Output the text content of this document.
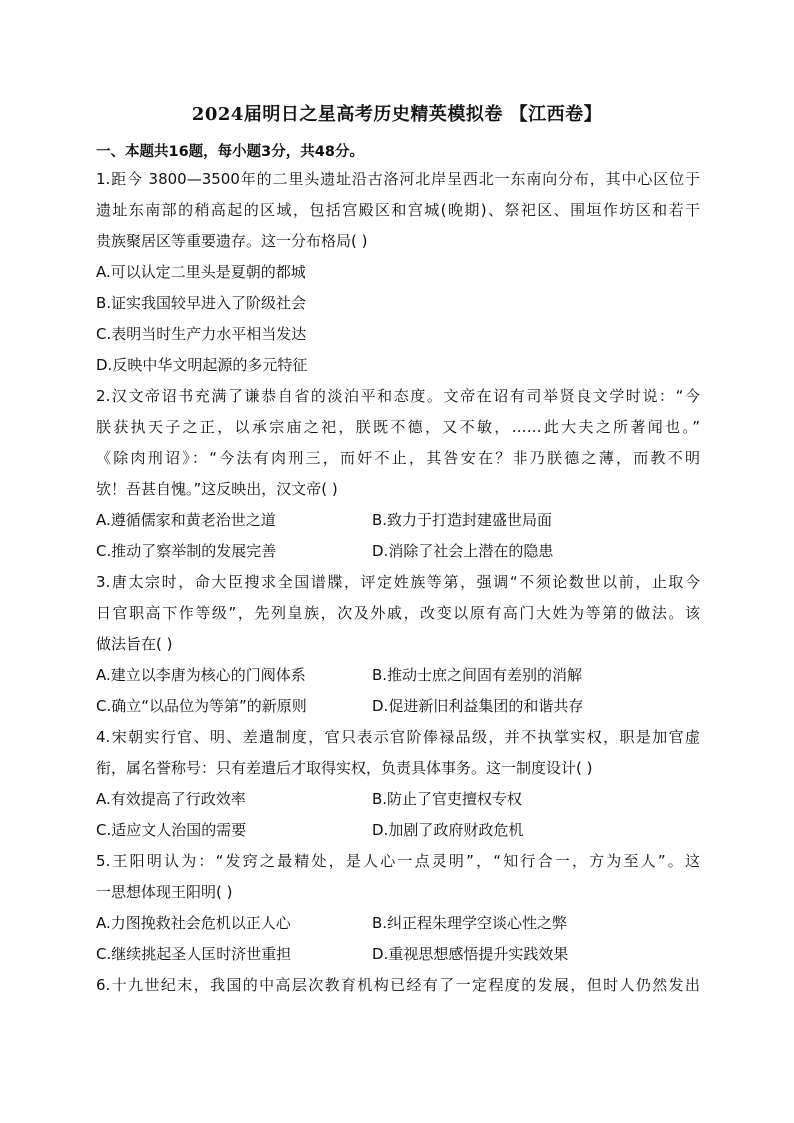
2024届明日之星高考历史精英模拟卷 【江西卷】
一、本题共16题，每小题3分，共48分。
1.距今 3800—3500年的二里头遗址沿古洛河北岸呈西北一东南向分布，其中心区位于
遗址东南部的稍高起的区域，包括宫殿区和宫城(晚期)、祭祀区、围垣作坊区和若干
贵族聚居区等重要遗存。这一分布格局( )
A.可以认定二里头是夏朝的都城
B.证实我国较早进入了阶级社会
C.表明当时生产力水平相当发达
D.反映中华文明起源的多元特征
2.汉文帝诏书充满了谦恭自省的淡泊平和态度。文帝在诏有司举贤良文学时说：“今
朕获执天子之正，以承宗庙之祀，朕既不德，又不敏，……此大夫之所著闻也。”
《除肉刑诏》：“今法有肉刑三，而奸不止，其咎安在？非乃朕德之薄，而教不明
欤！吾甚自愧。”这反映出，汉文帝( )
A.遵循儒家和黄老治世之道	B.致力于打造封建盛世局面
C.推动了察举制的发展完善	D.消除了社会上潜在的隐患
3.唐太宗时，命大臣搜求全国谱牒，评定姓族等第，强调“不须论数世以前，止取今
日官职高下作等级”，先列皇族，次及外戚，改变以原有高门大姓为等第的做法。该
做法旨在( )
A.建立以李唐为核心的门阀体系	B.推动士庶之间固有差别的消解
C.确立“以品位为等第”的新原则	D.促进新旧利益集团的和谐共存
4.宋朝实行官、明、差遣制度，官只表示官阶俸禄品级，并不执掌实权，职是加官虚
衔，属名誉称号：只有差遣后才取得实权，负责具体事务。这一制度设计( )
A.有效提高了行政效率	B.防止了官吏擅权专权
C.适应文人治国的需要	D.加剧了政府财政危机
5.王阳明认为：“发窍之最精处，是人心一点灵明”，“知行合一，方为至人”。这
一思想体现王阳明( )
A.力图挽救社会危机以正人心	B.纠正程朱理学空谈心性之弊
C.继续挑起圣人匡时济世重担	D.重视思想感悟提升实践效果
6.十九世纪末，我国的中高层次教育机构已经有了一定程度的发展，但时人仍然发出
